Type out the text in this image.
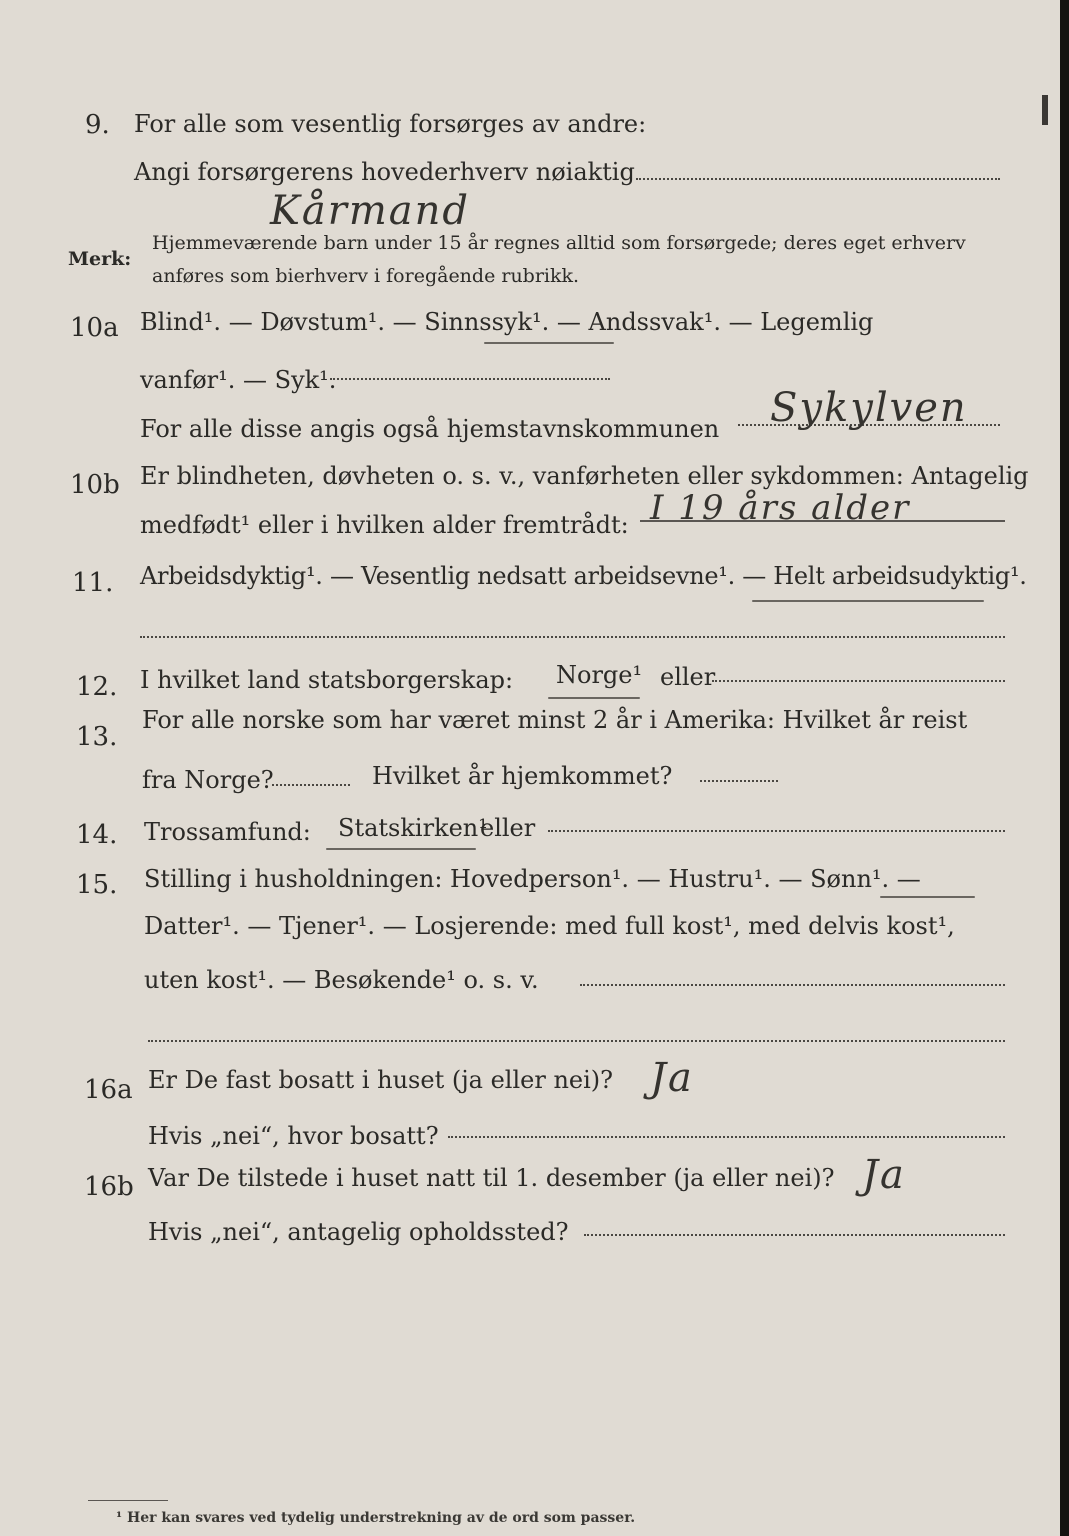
9. For alle som vesentlig forsørges av andre:
Angi forsørgerens hovederhverv nøiaktig
Kårmand
Merk:
Hjemmeværende barn under 15 år regnes alltid som forsørgede; deres eget erhverv
anføres som bierhverv i foregående rubrikk.
10a Blind¹. — Døvstum¹. — Sinnssyk¹. — Andssvak¹. — Legemlig
vanfør¹. — Syk¹.
For alle disse angis også hjemstavnskommunen Sykylven
10b Er blindheten, døvheten o. s. v., vanførheten eller sykdommen: Antagelig
medfødt¹ eller i hvilken alder fremtrådt: I 19 års alder
11. Arbeidsdyktig¹. — Vesentlig nedsatt arbeidsevne¹. — Helt arbeidsudyktig¹.
12. I hvilket land statsborgerskap: Norge¹ eller
13.
For alle norske som har været minst 2 år i Amerika: Hvilket år reist
fra Norge?	Hvilket år hjemkommet?
14. Trossamfund: Statskirken¹
eller
15. Stilling i husholdningen: Hovedperson¹. — Hustru¹. — Sønn¹. —
Datter¹. — Tjener¹. — Losjerende: med full kost¹, med delvis kost¹,
uten kost¹. — Besøkende¹ o. s. v.
16a Er De fast bosatt i huset (ja eller nei)? Ja
Hvis „nei“, hvor bosatt?
16b Var De tilstede i huset natt til 1. desember (ja eller nei)? Ja
Hvis „nei“, antagelig opholdssted?
¹ Her kan svares ved tydelig understrekning av de ord som passer.
